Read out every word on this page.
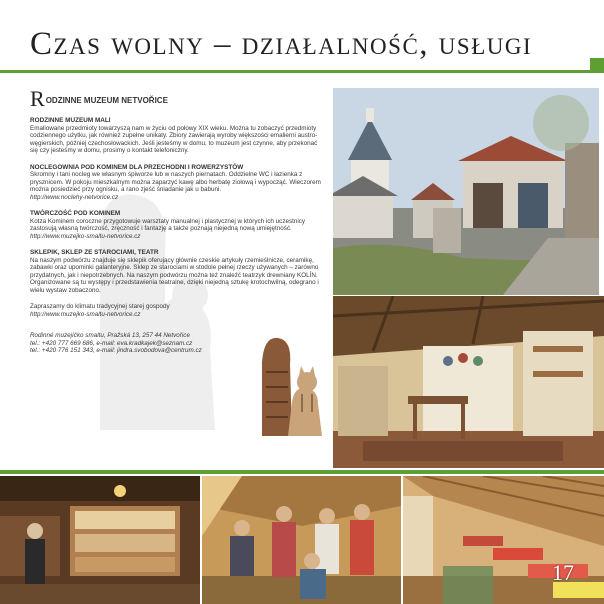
Czas wolny – działalność, usługi
RODZINNE MUZEUM NETVOŘICE
RODZINNE MUZEUM MALI
Emaliowane przedmioty towarzyszą nam w życiu od połowy XIX wieku. Można tu zobaczyć przedmioty codziennego użytku, jak również zupełne unikaty. Zbiory zawierają wyroby większości emalierni austro-węgierskich, później czechosłowackich. Jeśli jesteśmy w domu, to muzeum jest czynne, aby przekonać się czy jesteśmy w domu, prosimy o kontakt telefoniczny.
NOCLEGOWNIA POD KOMINEM DLA PRZECHODNI I ROWERZYSTÓW
Skromny i tani nocleg we własnym śpiworze lub w naszych piernatach. Oddzielne WC i łazienka z prysznicem. W pokoju mieszkalnym można zaparzyć kawę albo herbatę ziołową i wypocząć. Wieczorem można posiedzieć przy ognisku, a rano zjeść śniadanie jak u babuni.
http://www.noclehy-netvorice.cz
TWÓRCZOŚĆ POD KOMINEM
Kotza Kominem coroczne przygotowuje warsztaty manualnej i plastycznej w których ich uczestnicy zastosują własną twórczość, zręczność i fantazję a także poznają niejedną nową umiejętność. http://www.muzejko-smaltu-netvorice.cz
SKLEPIK, SKLEP ZE STAROCIAMI, TEATR
Na naszym podwórzu znajduje się sklepik oferujący głównie czeskie artykuły rzemieślnicze, ceramikę, zabawki oraz upominki galanteryjne. Sklep ze starociami w stodole pełnej rzeczy używanych – zarówno przydatnych, jak i niepotrzebnych. Na naszym podwórzu można też znaleźć teatrzyk drewniany KOLÍN. Organizowane są tu występy i przedstawienia teatralne, dzięki niejedną sztukę krotochwilną, odegrano i wielu wystaw zobaczono.
Zapraszamy do klimatu tradycyjnej starej gospody
http://www.muzejko-smaltu-netvorice.cz
Rodinné muzejíčko smaltu, Pražská 13, 257 44 Netvořice
tel.: +420 777 669 686, e-mail: eva.kradkajek@seznam.cz
tel.: +420 776 151 343, e-mail: jindra.svobodova@centrum.cz
17
